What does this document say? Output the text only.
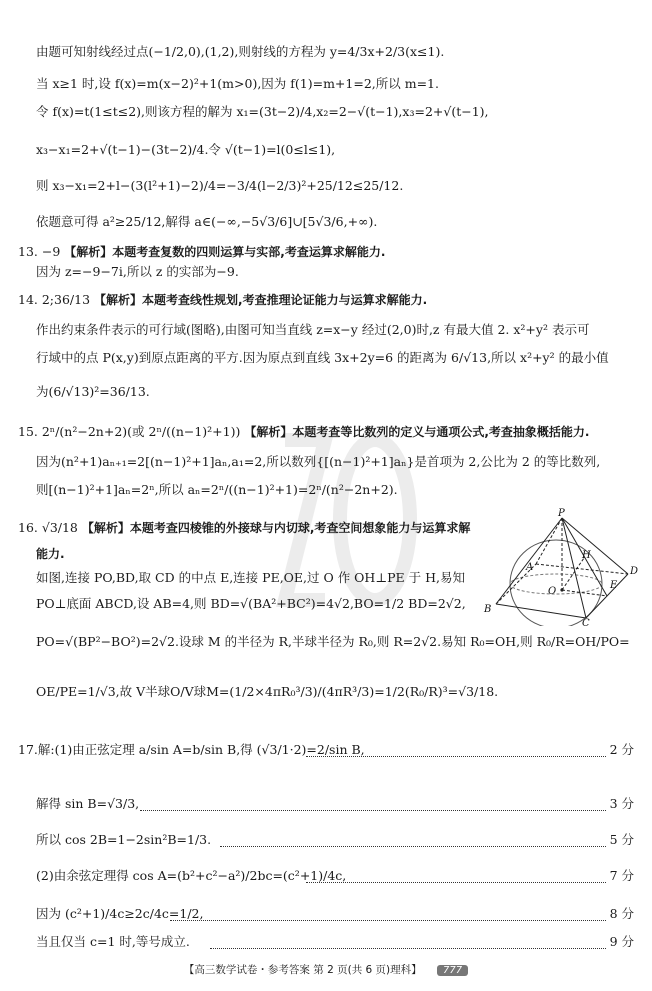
由题可知射线经过点(−1/2,0),(1,2),则射线的方程为 y=4/3x+2/3(x≤1).
当 x≥1 时,设 f(x)=m(x−2)²+1(m>0),因为 f(1)=m+1=2,所以 m=1.
令 f(x)=t(1≤t≤2),则该方程的解为 x₁=(3t−2)/4,x₂=2−√(t−1),x₃=2+√(t−1),
x₃−x₁=2+√(t−1)−(3t−2)/4.令 √(t−1)=l(0≤l≤1),
则 x₃−x₁=2+l−(3(l²+1)−2)/4=−3/4(l−2/3)²+25/12≤25/12.
依题意可得 a²≥25/12,解得 a∈(−∞,−5√3/6]∪[5√3/6,+∞).
13. −9 【解析】本题考查复数的四则运算与实部,考查运算求解能力.
因为 z=−9−7i,所以 z 的实部为−9.
14. 2;36/13 【解析】本题考查线性规划,考查推理论证能力与运算求解能力.
作出约束条件表示的可行域(图略),由图可知当直线 z=x−y 经过(2,0)时,z 有最大值 2. x²+y² 表示可
行域中的点 P(x,y)到原点距离的平方.因为原点到直线 3x+2y=6 的距离为 6/√13,所以 x²+y² 的最小值
为(6/√13)²=36/13.
15. 2ⁿ/(n²−2n+2)(或 2ⁿ/((n−1)²+1)) 【解析】本题考查等比数列的定义与通项公式,考查抽象概括能力.
因为(n²+1)aₙ₊₁=2[(n−1)²+1]aₙ,a₁=2,所以数列{[(n−1)²+1]aₙ}是首项为 2,公比为 2 的等比数列,
则[(n−1)²+1]aₙ=2ⁿ,所以 aₙ=2ⁿ/((n−1)²+1)=2ⁿ/(n²−2n+2).
16. √3/18 【解析】本题考查四棱锥的外接球与内切球,考查空间想象能力与运算求解
能力.
如图,连接 PO,BD,取 CD 的中点 E,连接 PE,OE,过 O 作 OH⊥PE 于 H,易知
PO⊥底面 ABCD,设 AB=4,则 BD=√(BA²+BC²)=4√2,BO=1/2 BD=2√2,
PO=√(BP²−BO²)=2√2.设球 M 的半径为 R,半球半径为 R₀,则 R=2√2.易知 R₀=OH,则 R₀/R=OH/PO=
OE/PE=1/√3,故 V半球O/V球M=(1/2×4πR₀³/3)/(4πR³/3)=1/2(R₀/R)³=√3/18.
P
H
A
O
B
C
D
E
17.解:(1)由正弦定理 a/sin A=b/sin B,得 (√3/1·2)=2/sin B,	2 分
解得 sin B=√3/3,	3 分
所以 cos 2B=1−2sin²B=1/3.	5 分
(2)由余弦定理得 cos A=(b²+c²−a²)/2bc=(c²+1)/4c,	7 分
因为 (c²+1)/4c≥2c/4c=1/2,	8 分
当且仅当 c=1 时,等号成立.	9 分
【高三数学试卷・参考答案 第 2 页(共 6 页)理科】 777
